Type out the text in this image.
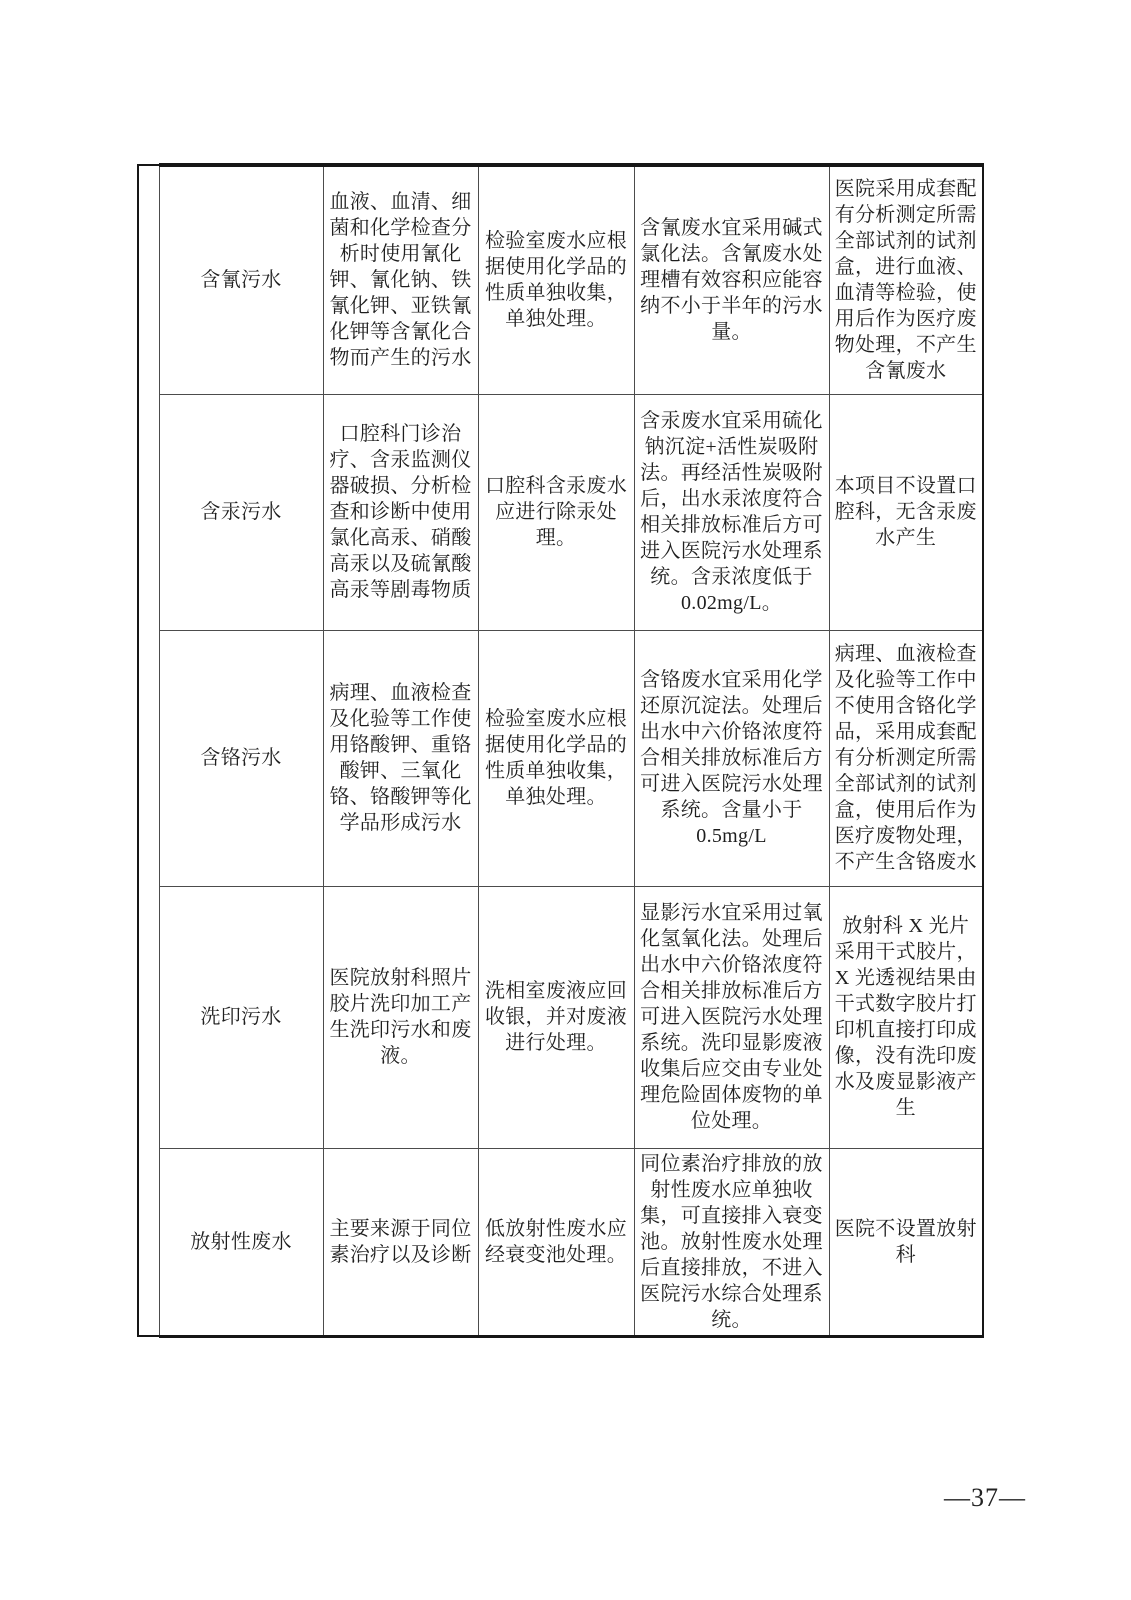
	含氰污水	血液、血清、细菌和化学检查分析时使用氰化钾、氰化钠、铁氰化钾、亚铁氰化钾等含氰化合物而产生的污水	检验室废水应根据使用化学品的性质单独收集，单独处理。	含氰废水宜采用碱式氯化法。含氰废水处理槽有效容积应能容纳不小于半年的污水量。	医院采用成套配有分析测定所需全部试剂的试剂盒，进行血液、血清等检验，使用后作为医疗废物处理，不产生含氰废水
	含汞污水	口腔科门诊治疗、含汞监测仪器破损、分析检查和诊断中使用氯化高汞、硝酸高汞以及硫氰酸高汞等剧毒物质	口腔科含汞废水应进行除汞处理。	含汞废水宜采用硫化钠沉淀+活性炭吸附法。再经活性炭吸附后，出水汞浓度符合相关排放标准后方可进入医院污水处理系统。含汞浓度低于0.02mg/L。	本项目不设置口腔科，无含汞废水产生
	含铬污水	病理、血液检查及化验等工作使用铬酸钾、重铬酸钾、三氧化铬、铬酸钾等化学品形成污水	检验室废水应根据使用化学品的性质单独收集，单独处理。	含铬废水宜采用化学还原沉淀法。处理后出水中六价铬浓度符合相关排放标准后方可进入医院污水处理系统。含量小于 0.5mg/L	病理、血液检查及化验等工作中不使用含铬化学品，采用成套配有分析测定所需全部试剂的试剂盒，使用后作为医疗废物处理，不产生含铬废水
	洗印污水	医院放射科照片胶片洗印加工产生洗印污水和废液。	洗相室废液应回收银，并对废液进行处理。	显影污水宜采用过氧化氢氧化法。处理后出水中六价铬浓度符合相关排放标准后方可进入医院污水处理系统。洗印显影废液收集后应交由专业处理危险固体废物的单位处理。	放射科 X 光片采用干式胶片，X 光透视结果由干式数字胶片打印机直接打印成像，没有洗印废水及废显影液产生
	放射性废水	主要来源于同位素治疗以及诊断	低放射性废水应经衰变池处理。	同位素治疗排放的放射性废水应单独收集，可直接排入衰变池。放射性废水处理后直接排放，不进入医院污水综合处理系统。	医院不设置放射科
—37—
